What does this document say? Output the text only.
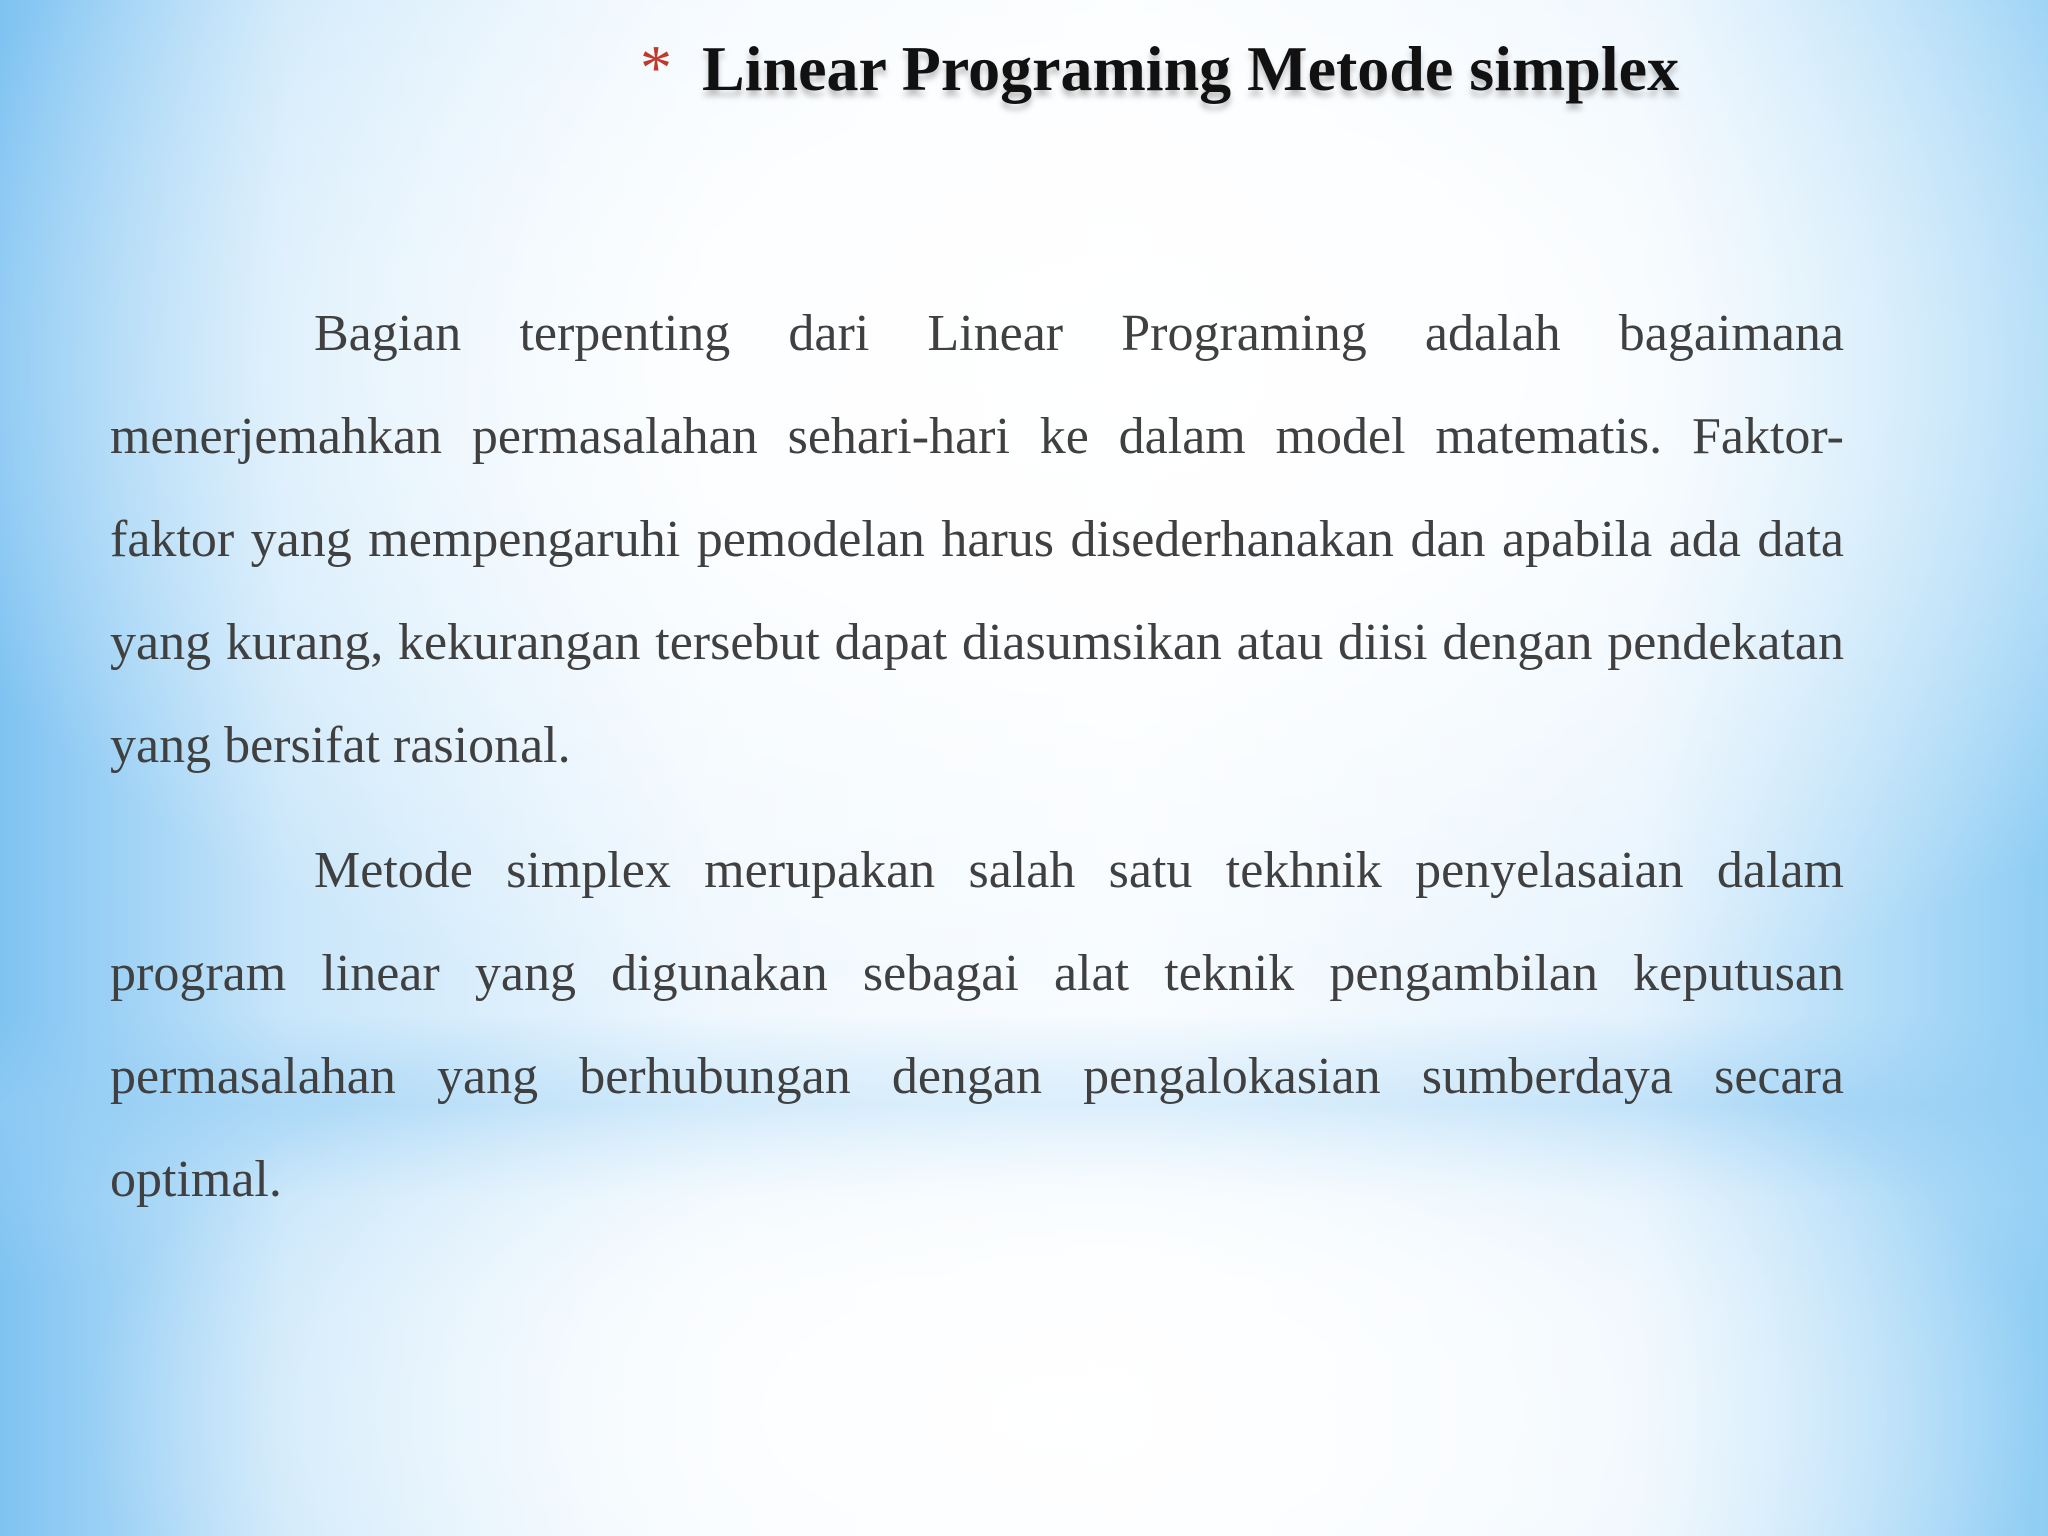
* Linear Programing Metode simplex

Bagian terpenting dari Linear Programing adalah bagaimana menerjemahkan permasalahan sehari-hari ke dalam model matematis. Faktor-faktor yang mempengaruhi pemodelan harus disederhanakan dan apabila ada data yang kurang, kekurangan tersebut dapat diasumsikan atau diisi dengan pendekatan yang bersifat rasional.

Metode simplex merupakan salah satu tekhnik penyelasaian dalam program linear yang digunakan sebagai alat teknik pengambilan keputusan permasalahan yang berhubungan dengan pengalokasian sumberdaya secara optimal.
